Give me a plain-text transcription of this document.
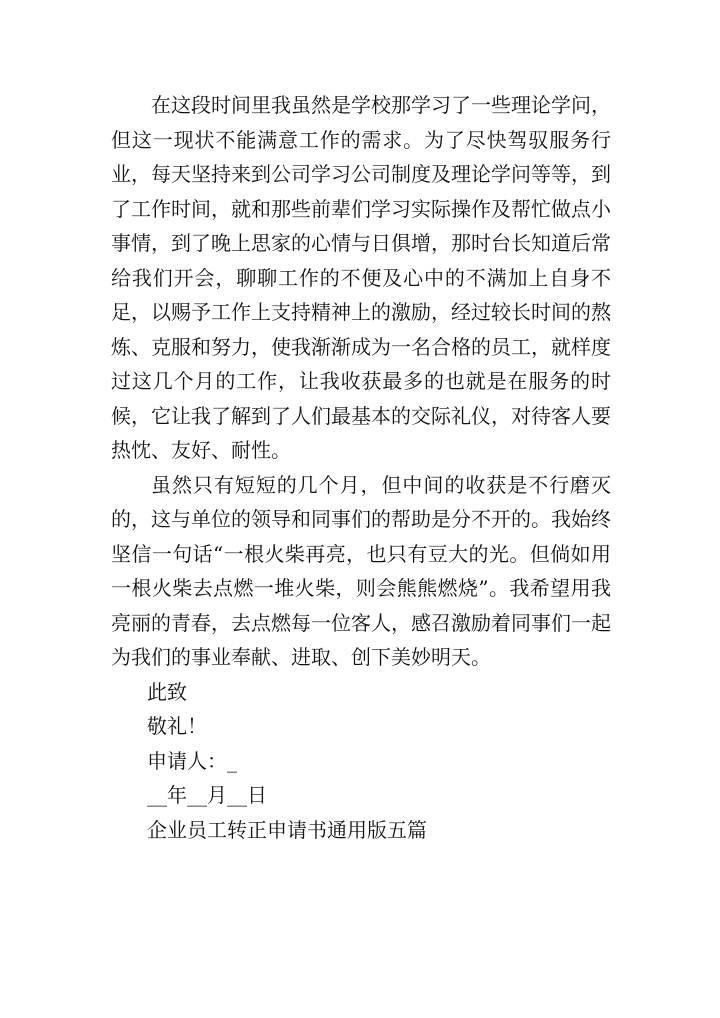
在这段时间里我虽然是学校那学习了一些理论学问，但这一现状不能满意工作的需求。为了尽快驾驭服务行业，每天坚持来到公司学习公司制度及理论学问等等，到了工作时间，就和那些前辈们学习实际操作及帮忙做点小事情，到了晚上思家的心情与日俱增，那时台长知道后常给我们开会，聊聊工作的不便及心中的不满加上自身不足，以赐予工作上支持精神上的激励，经过较长时间的熬炼、克服和努力，使我渐渐成为一名合格的员工，就样度过这几个月的工作，让我收获最多的也就是在服务的时候，它让我了解到了人们最基本的交际礼仪，对待客人要热忱、友好、耐性。

虽然只有短短的几个月，但中间的收获是不行磨灭的，这与单位的领导和同事们的帮助是分不开的。我始终坚信一句话“一根火柴再亮，也只有豆大的光。但倘如用一根火柴去点燃一堆火柴，则会熊熊燃烧”。我希望用我亮丽的青春，去点燃每一位客人，感召激励着同事们一起为我们的事业奉献、进取、创下美妙明天。

此致

敬礼！

申请人：_

__年__月__日

企业员工转正申请书通用版五篇
